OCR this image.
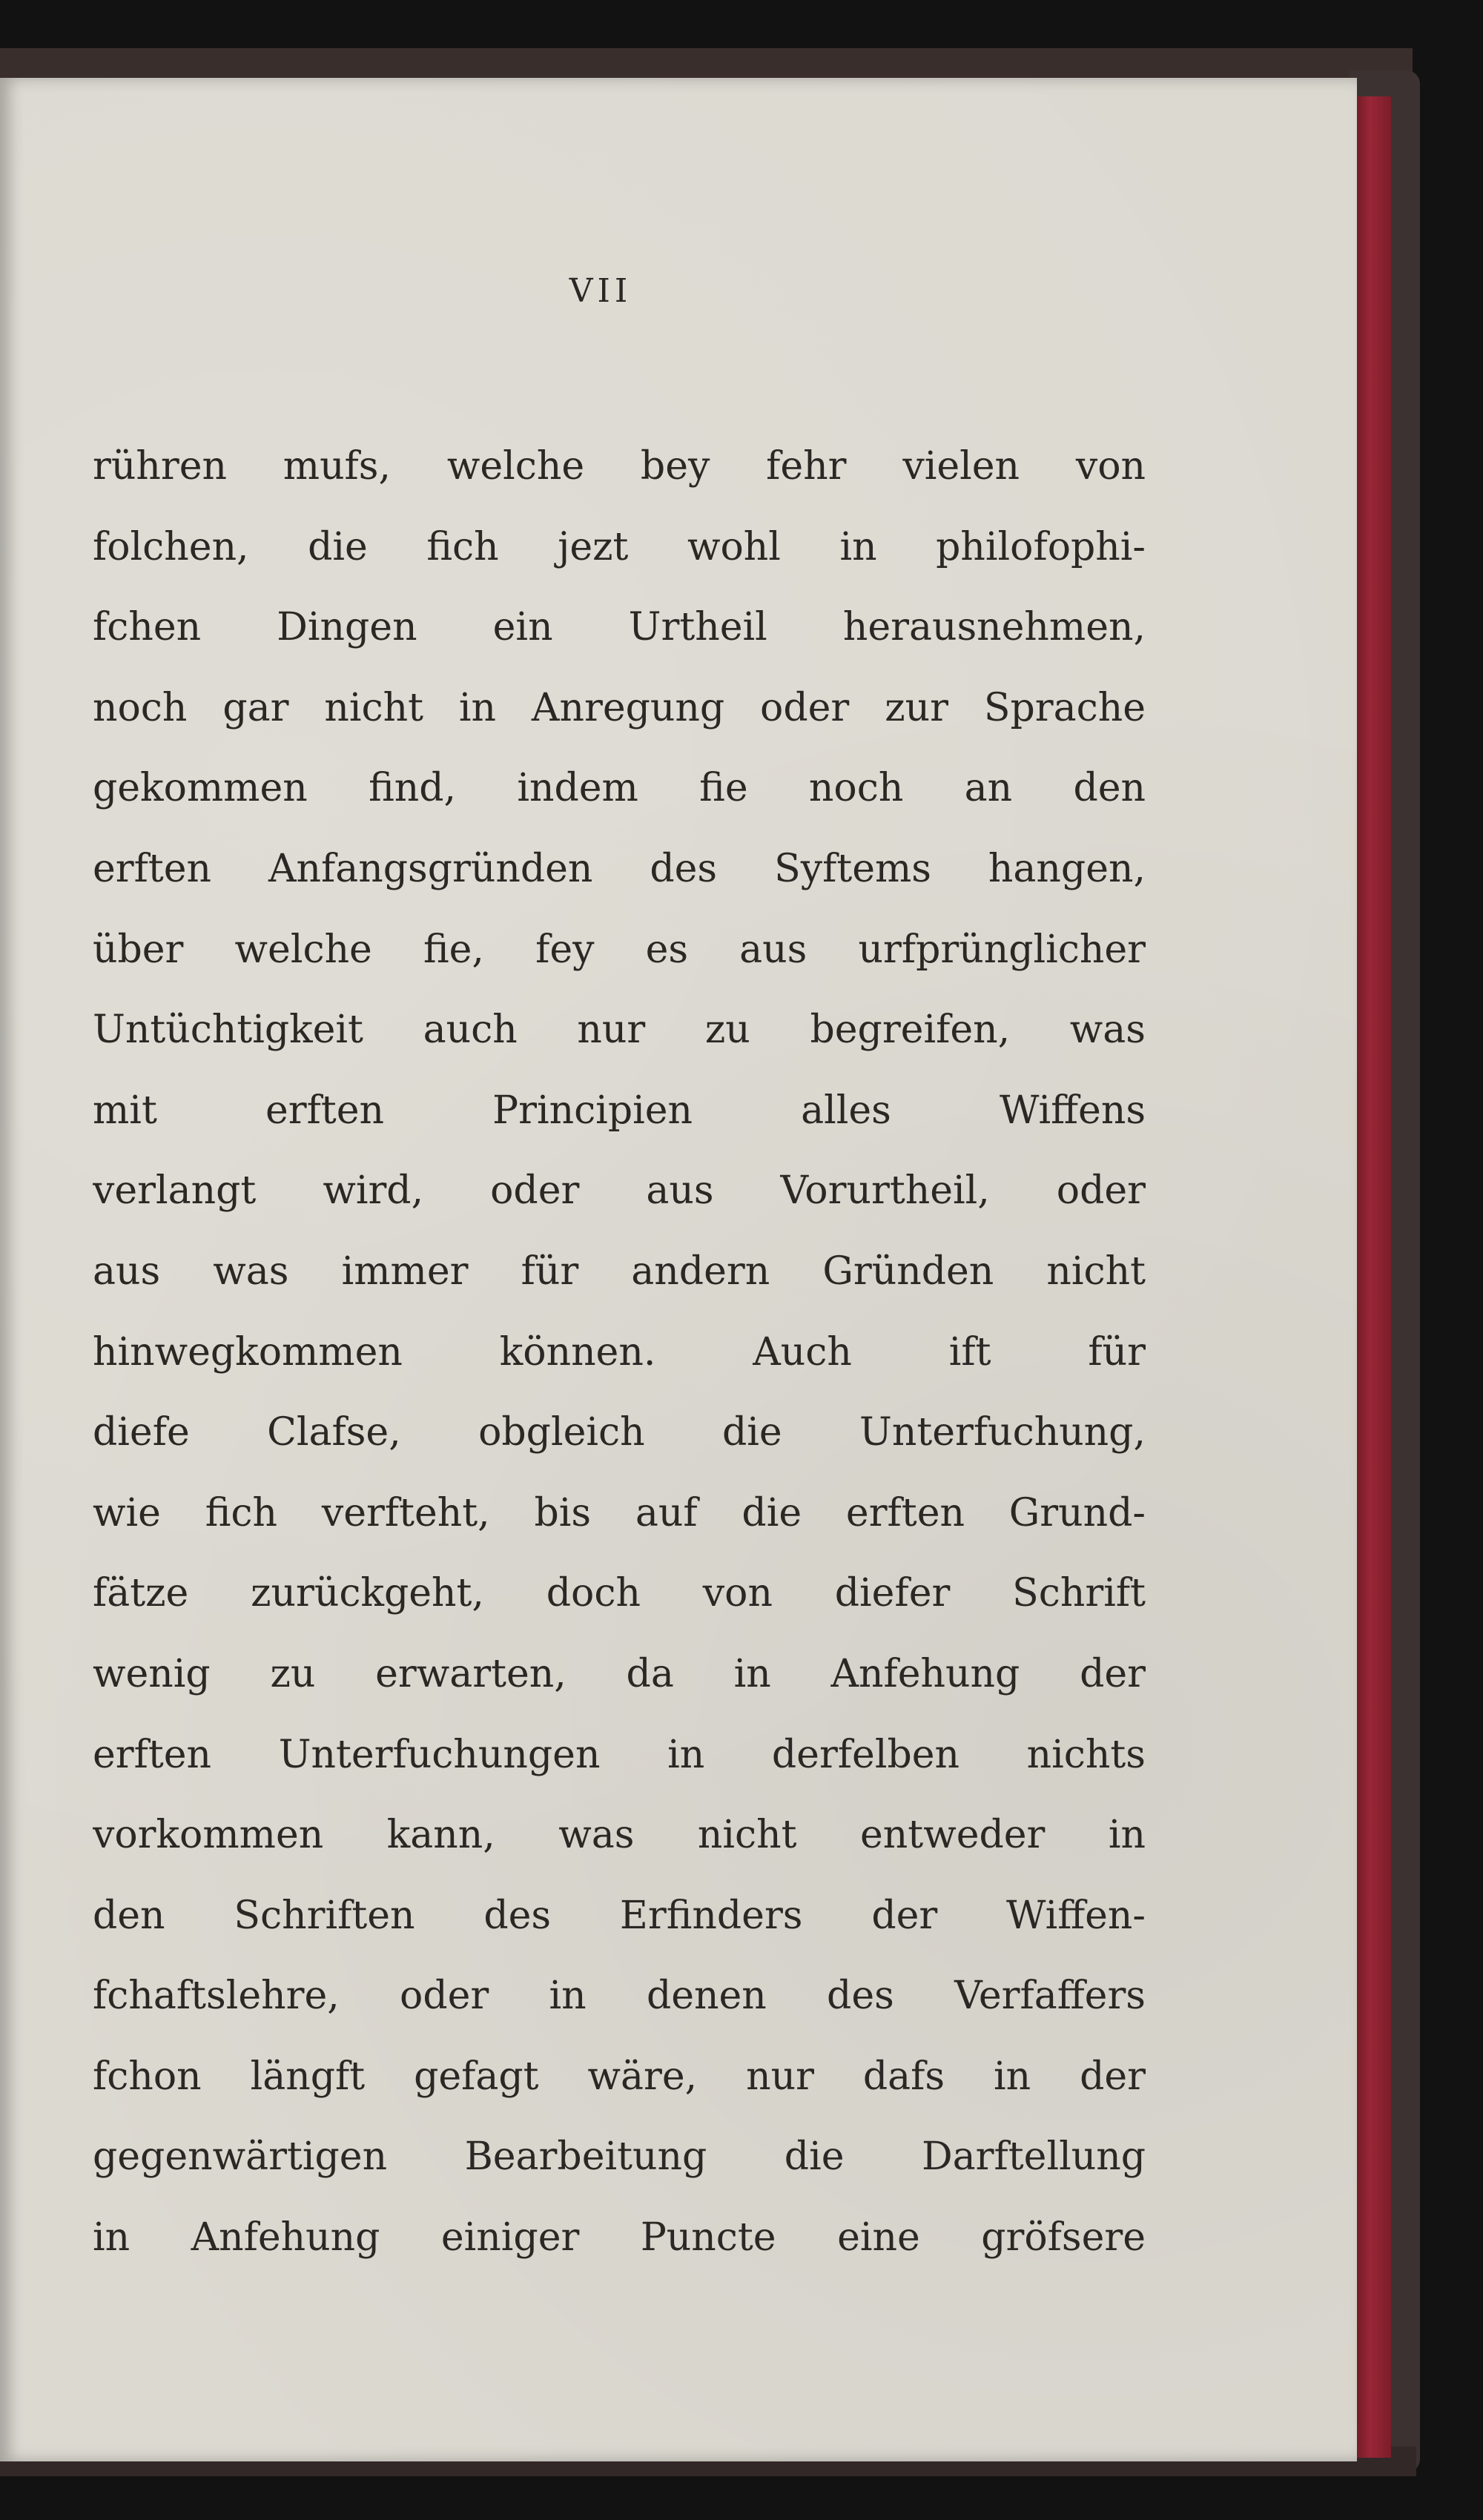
VII
rühren mufs, welche bey fehr vielen von
folchen, die fich jezt wohl in philofophi-
fchen Dingen ein Urtheil herausnehmen,
noch gar nicht in Anregung oder zur Sprache
gekommen find, indem fie noch an den
erften Anfangsgründen des Syftems hangen,
über welche fie, fey es aus urfprünglicher
Untüchtigkeit auch nur zu begreifen, was
mit erften Principien alles Wiffens
verlangt wird, oder aus Vorurtheil, oder
aus was immer für andern Gründen nicht
hinwegkommen können. Auch ift für
diefe Clafse, obgleich die Unterfuchung,
wie fich verfteht, bis auf die erften Grund-
fätze zurückgeht, doch von diefer Schrift
wenig zu erwarten, da in Anfehung der
erften Unterfuchungen in derfelben nichts
vorkommen kann, was nicht entweder in
den Schriften des Erfinders der Wiffen-
fchaftslehre, oder in denen des Verfaffers
fchon längft gefagt wäre, nur dafs in der
gegenwärtigen Bearbeitung die Darftellung
in Anfehung einiger Puncte eine gröfsere
